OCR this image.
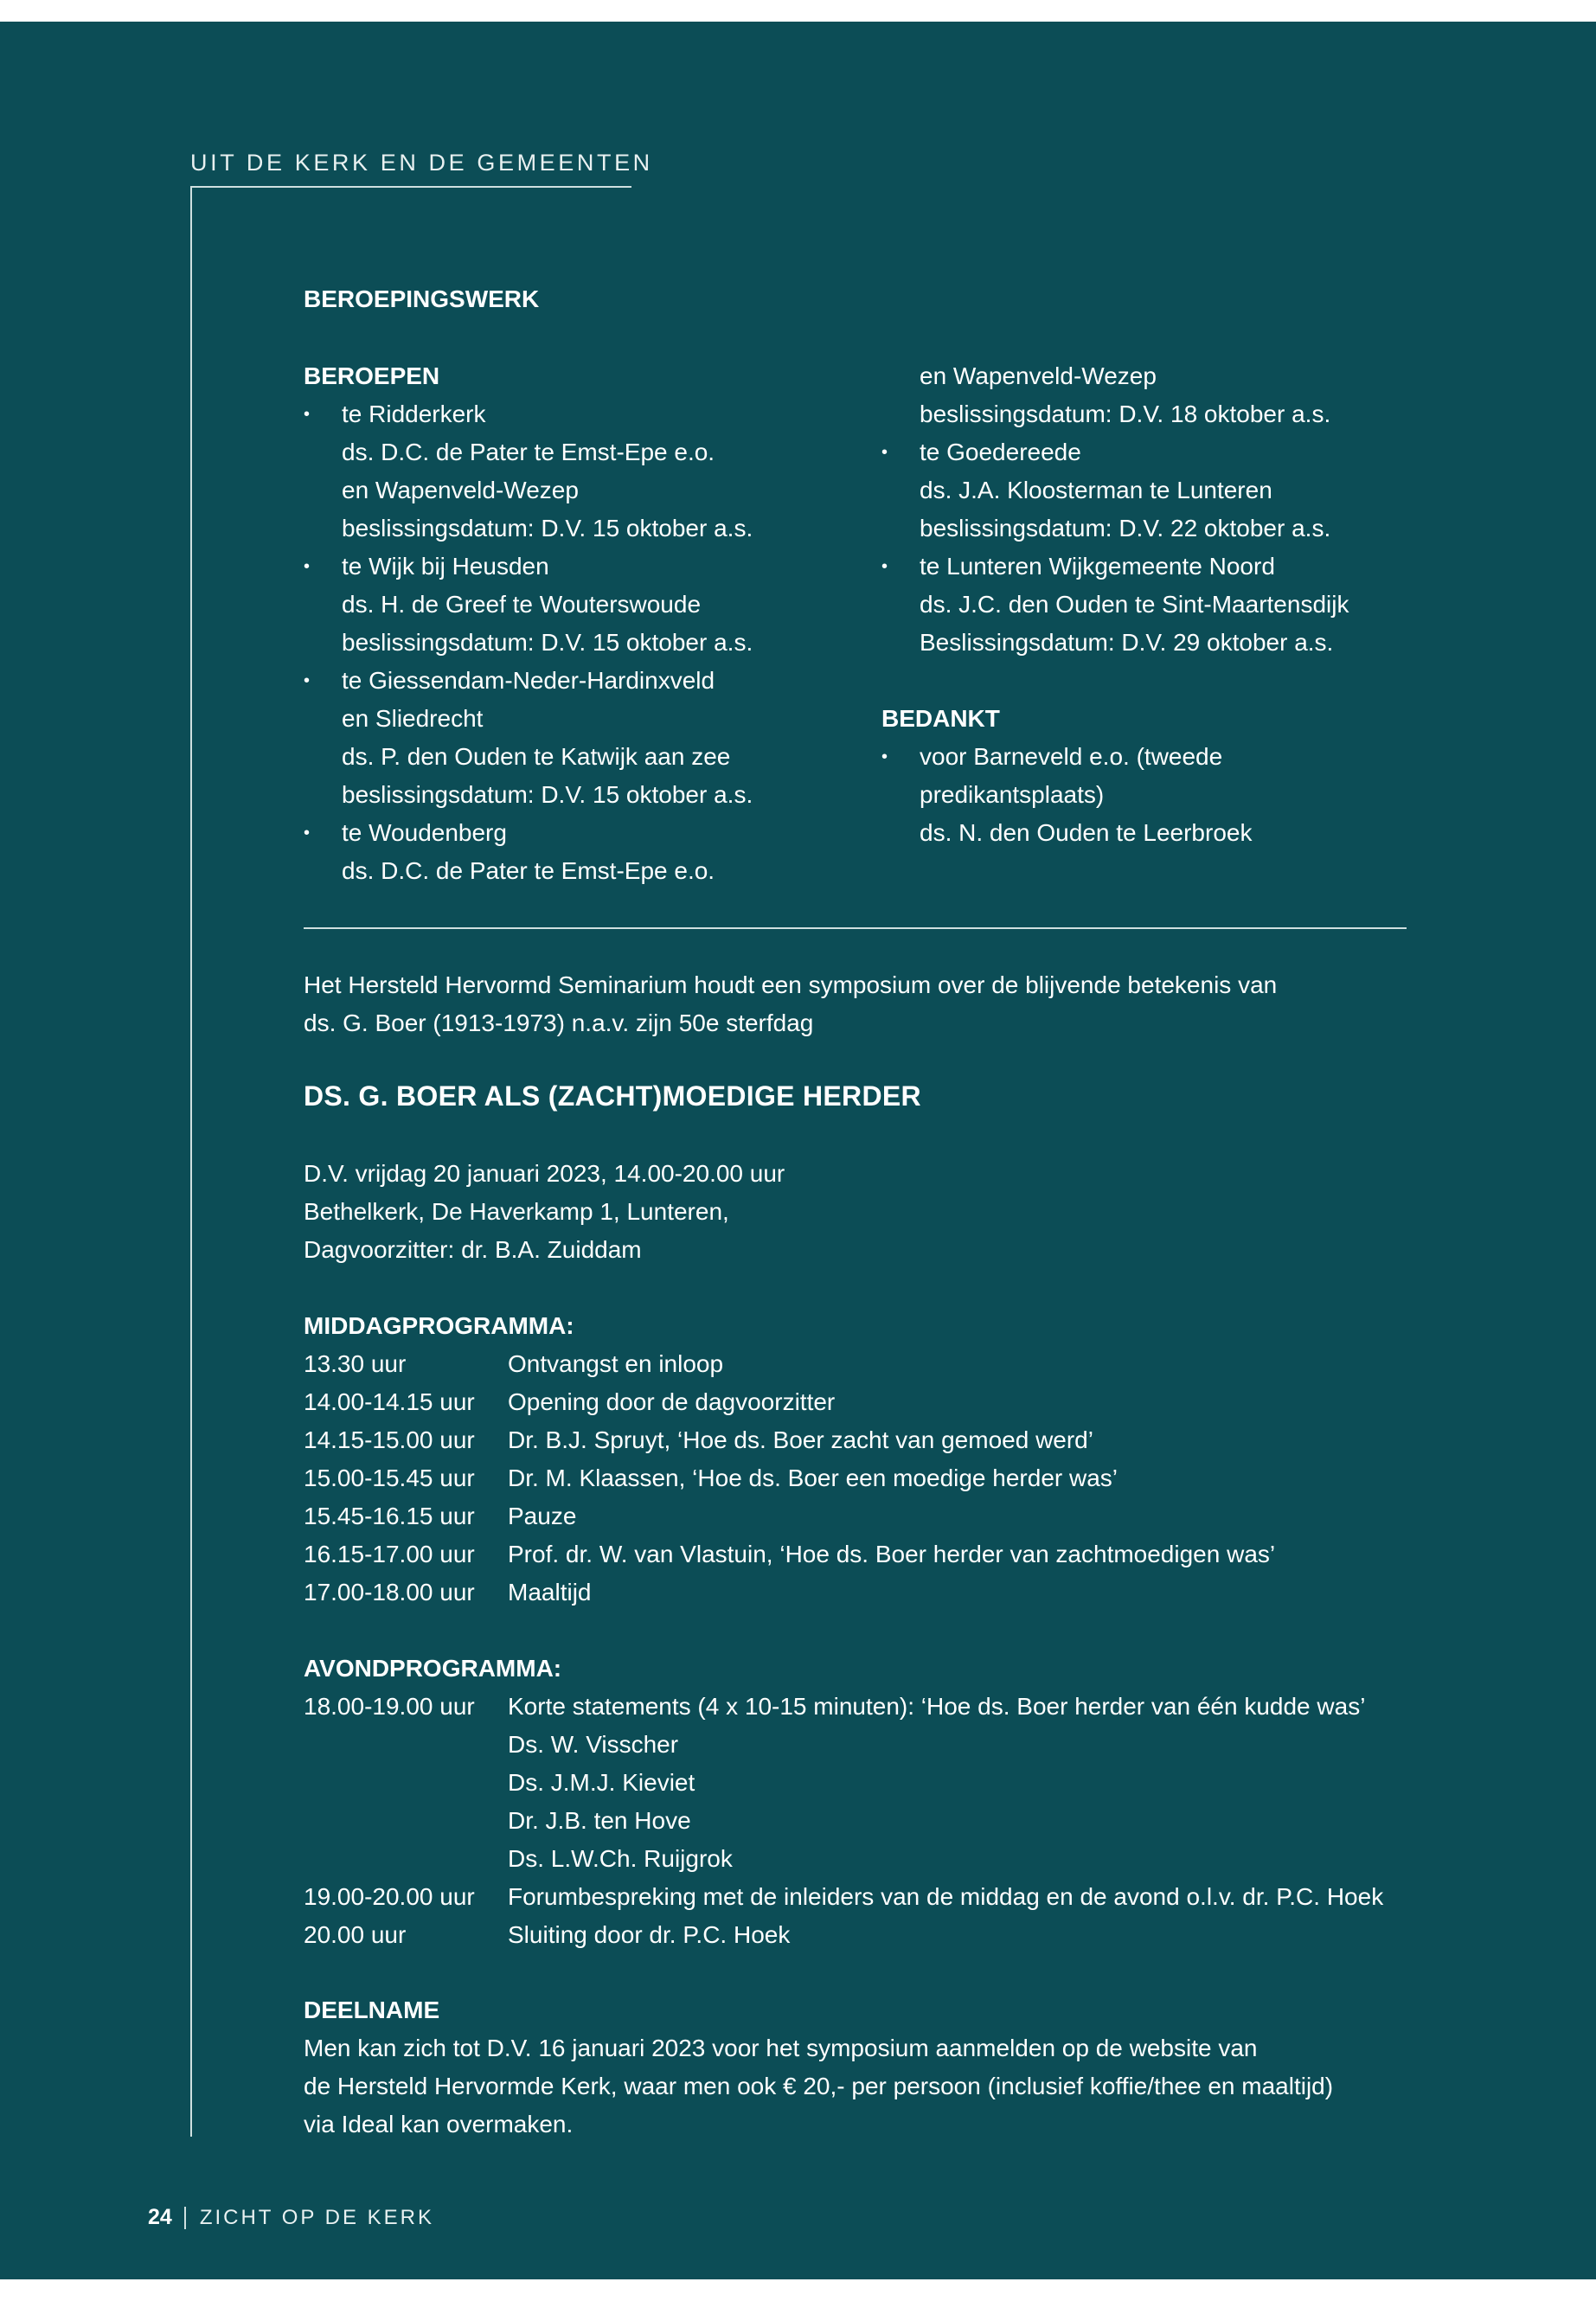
UIT DE KERK EN DE GEMEENTEN
BEROEPINGSWERK
BEROEPEN
• te Ridderkerk
ds. D.C. de Pater te Emst-Epe e.o.
en Wapenveld-Wezep
beslissingsdatum: D.V. 15 oktober a.s.
• te Wijk bij Heusden
ds. H. de Greef te Wouterswoude
beslissingsdatum: D.V. 15 oktober a.s.
• te Giessendam-Neder-Hardinxveld
en Sliedrecht
ds. P. den Ouden te Katwijk aan zee
beslissingsdatum: D.V. 15 oktober a.s.
• te Woudenberg
ds. D.C. de Pater te Emst-Epe e.o.
en Wapenveld-Wezep
beslissingsdatum: D.V. 18 oktober a.s.
• te Goedereede
ds. J.A. Kloosterman te Lunteren
beslissingsdatum: D.V. 22 oktober a.s.
• te Lunteren Wijkgemeente Noord
ds. J.C. den Ouden te Sint-Maartensdijk
Beslissingsdatum: D.V. 29 oktober a.s.
BEDANKT
• voor Barneveld e.o. (tweede
predikantsplaats)
ds. N. den Ouden te Leerbroek
Het Hersteld Hervormd Seminarium houdt een symposium over de blijvende betekenis van
ds. G. Boer (1913-1973) n.a.v. zijn 50e sterfdag
DS. G. BOER ALS (ZACHT)MOEDIGE HERDER
D.V. vrijdag 20 januari 2023, 14.00-20.00 uur
Bethelkerk, De Haverkamp 1, Lunteren,
Dagvoorzitter: dr. B.A. Zuiddam
MIDDAGPROGRAMMA:
13.30 uur	Ontvangst en inloop
14.00-14.15 uur	Opening door de dagvoorzitter
14.15-15.00 uur	Dr. B.J. Spruyt, ‘Hoe ds. Boer zacht van gemoed werd’
15.00-15.45 uur	Dr. M. Klaassen, ‘Hoe ds. Boer een moedige herder was’
15.45-16.15 uur	Pauze
16.15-17.00 uur	Prof. dr. W. van Vlastuin, ‘Hoe ds. Boer herder van zachtmoedigen was’
17.00-18.00 uur	Maaltijd
AVONDPROGRAMMA:
18.00-19.00 uur	Korte statements (4 x 10-15 minuten): ‘Hoe ds. Boer herder van één kudde was’
Ds. W. Visscher
Ds. J.M.J. Kieviet
Dr. J.B. ten Hove
Ds. L.W.Ch. Ruijgrok
19.00-20.00 uur	Forumbespreking met de inleiders van de middag en de avond o.l.v. dr. P.C. Hoek
20.00 uur	Sluiting door dr. P.C. Hoek
DEELNAME
Men kan zich tot D.V. 16 januari 2023 voor het symposium aanmelden op de website van
de Hersteld Hervormde Kerk, waar men ook € 20,- per persoon (inclusief koffie/thee en maaltijd)
via Ideal kan overmaken.
24 ZICHT OP DE KERK
